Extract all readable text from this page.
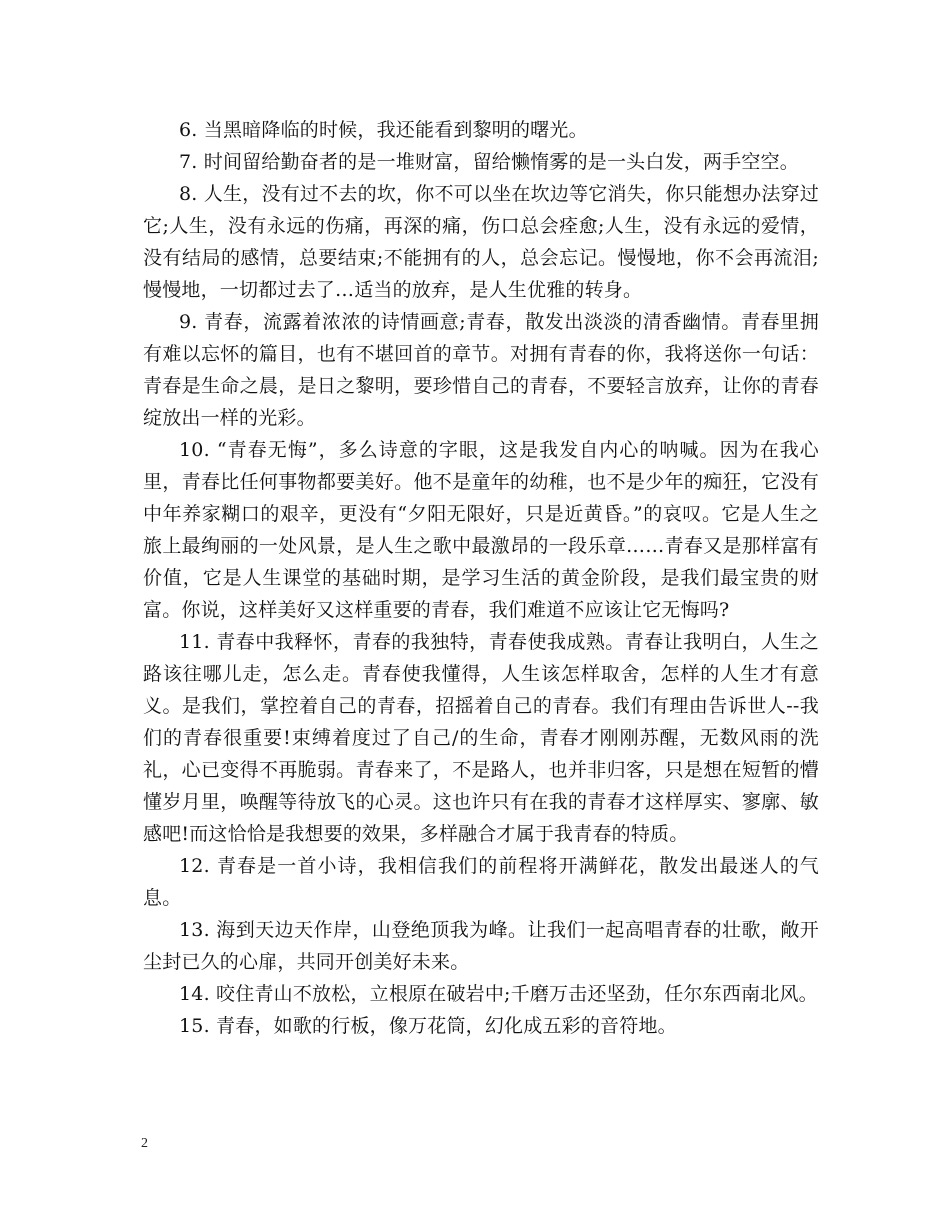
6. 当黑暗降临的时候，我还能看到黎明的曙光。

7. 时间留给勤奋者的是一堆财富，留给懒惰雾的是一头白发，两手空空。

8. 人生，没有过不去的坎，你不可以坐在坎边等它消失，你只能想办法穿过它;人生，没有永远的伤痛，再深的痛，伤口总会痊愈;人生，没有永远的爱情，没有结局的感情，总要结束;不能拥有的人，总会忘记。慢慢地，你不会再流泪;慢慢地，一切都过去了…适当的放弃，是人生优雅的转身。

9. 青春，流露着浓浓的诗情画意;青春，散发出淡淡的清香幽情。青春里拥有难以忘怀的篇目，也有不堪回首的章节。对拥有青春的你，我将送你一句话：青春是生命之晨，是日之黎明，要珍惜自己的青春，不要轻言放弃，让你的青春绽放出一样的光彩。

10. “青春无悔”，多么诗意的字眼，这是我发自内心的呐喊。因为在我心里，青春比任何事物都要美好。他不是童年的幼稚，也不是少年的痴狂，它没有中年养家糊口的艰辛，更没有“夕阳无限好，只是近黄昏。”的哀叹。它是人生之旅上最绚丽的一处风景，是人生之歌中最激昂的一段乐章……青春又是那样富有价值，它是人生课堂的基础时期，是学习生活的黄金阶段，是我们最宝贵的财富。你说，这样美好又这样重要的青春，我们难道不应该让它无悔吗?

11. 青春中我释怀，青春的我独特，青春使我成熟。青春让我明白，人生之路该往哪儿走，怎么走。青春使我懂得，人生该怎样取舍，怎样的人生才有意义。是我们，掌控着自己的青春，招摇着自己的青春。我们有理由告诉世人--我们的青春很重要!束缚着度过了自己/的生命，青春才刚刚苏醒，无数风雨的洗礼，心已变得不再脆弱。青春来了，不是路人，也并非归客，只是想在短暂的懵懂岁月里，唤醒等待放飞的心灵。这也许只有在我的青春才这样厚实、寥廓、敏感吧!而这恰恰是我想要的效果，多样融合才属于我青春的特质。

12. 青春是一首小诗，我相信我们的前程将开满鲜花，散发出最迷人的气息。

13. 海到天边天作岸，山登绝顶我为峰。让我们一起高唱青春的壮歌，敞开尘封已久的心扉，共同开创美好未来。

14. 咬住青山不放松，立根原在破岩中;千磨万击还坚劲，任尔东西南北风。

15. 青春，如歌的行板，像万花筒，幻化成五彩的音符地。

2
